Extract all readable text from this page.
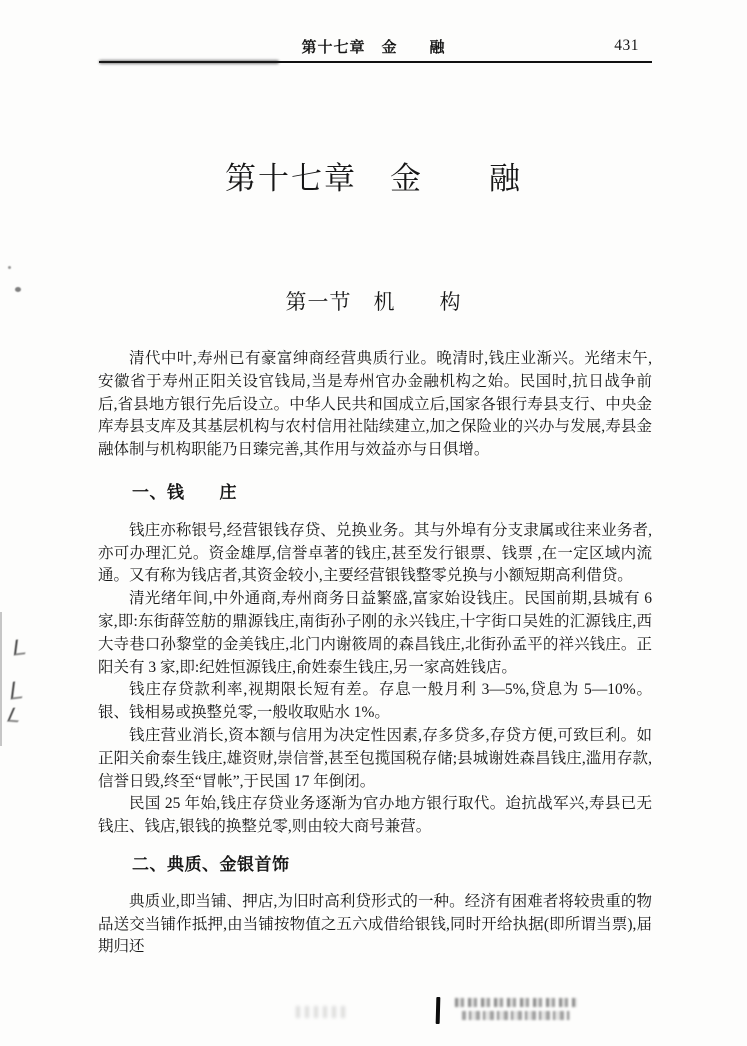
第十七章　金　　融	431
第十七章　金　　融
第一节　机　　构

清代中叶,寿州已有豪富绅商经营典质行业。晚清时,钱庄业渐兴。光绪末午,安徽省于寿州正阳关设官钱局,当是寿州官办金融机构之始。民国时,抗日战争前后,省县地方银行先后设立。中华人民共和国成立后,国家各银行寿县支行、中央金库寿县支库及其基层机构与农村信用社陆续建立,加之保险业的兴办与发展,寿县金融体制与机构职能乃日臻完善,其作用与效益亦与日俱增。

一、钱　　庄

钱庄亦称银号,经营银钱存贷、兑换业务。其与外埠有分支隶属或往来业务者,亦可办理汇兑。资金雄厚,信誉卓著的钱庄,甚至发行银票、钱票 ,在一定区域内流通。又有称为钱店者,其资金较小,主要经营银钱整零兑换与小额短期高利借贷。

清光绪年间,中外通商,寿州商务日益繁盛,富家始设钱庄。民国前期,县城有 6 家,即:东街薛笠舫的鼎源钱庄,南街孙子刚的永兴钱庄,十字街口吴姓的汇源钱庄,西大寺巷口孙黎堂的金美钱庄,北门内谢筱周的森昌钱庄,北街孙孟平的祥兴钱庄。正阳关有 3 家,即:纪姓恒源钱庄,俞姓泰生钱庄,另一家高姓钱店。

钱庄存贷款利率,视期限长短有差。存息一般月利 3—5%,贷息为 5—10%。银、钱相易或换整兑零,一般收取贴水 1%。

钱庄营业消长,资本额与信用为决定性因素,存多贷多,存贷方便,可致巨利。如正阳关俞泰生钱庄,雄资财,崇信誉,甚至包揽国税存储;县城谢姓森昌钱庄,滥用存款,信誉日毁,终至“冒帐”,于民国 17 年倒闭。

民国 25 年始,钱庄存贷业务逐渐为官办地方银行取代。迨抗战军兴,寿县已无钱庄、钱店,银钱的换整兑零,则由较大商号兼营。

二、典质、金银首饰

典质业,即当铺、押店,为旧时高利贷形式的一种。经济有困难者将较贵重的物品送交当铺作抵押,由当铺按物值之五六成借给银钱,同时开给执据(即所谓当票),届期归还
